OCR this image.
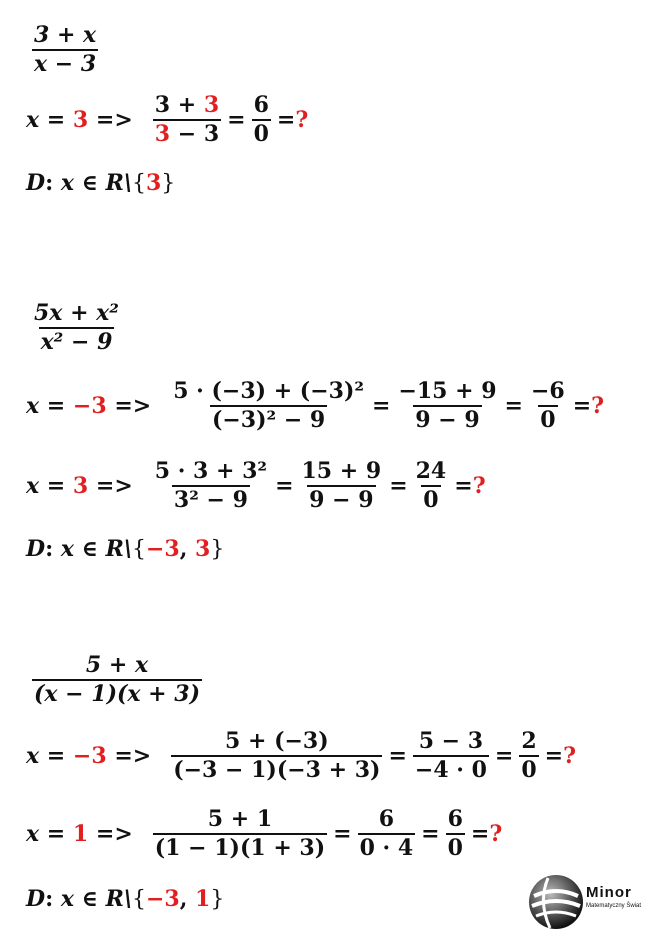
$\frac{3 + x}{x - 3}$
x
=
3
=> $\frac{3 + 3}{3 - 3} = \frac{6}{0}$ =?
D : x
∈
R\ { 3 }
$\frac{\text{5x + x²}}{\text{x² − 9}}$
x
=
−3
=> $\frac{\text{5 · (−3) + (−3)²}}{\text{(−3)² − 9}} = \frac{-15 + 9}{9 - 9} = \frac{-6}{0}$ =?
x
=
3
=> $\frac{\text{5 · 3 + 3²}}{\text{3² − 9}} = \frac{15 + 9}{9 - 9} = \frac{24}{0}$ =?
D : x
∈
R\ { −3 , 3 }
$\frac{5 + x}{(x - 1)(x + 3)}$
x
=
−3
=> $\frac{5 + (-3)}{(-3 - 1)(-3 + 3)} = \frac{5 - 3}{-4 \cdot 0} = \frac{2}{0}$ =?
x
=
1
=> $\frac{5 + 1}{(1 - 1)(1 + 3)} = \frac{6}{0 \cdot 4} = \frac{6}{0}$ =?
D : x
∈
R\ { −3 , 1 }	Minor
Matematyczny Świat
